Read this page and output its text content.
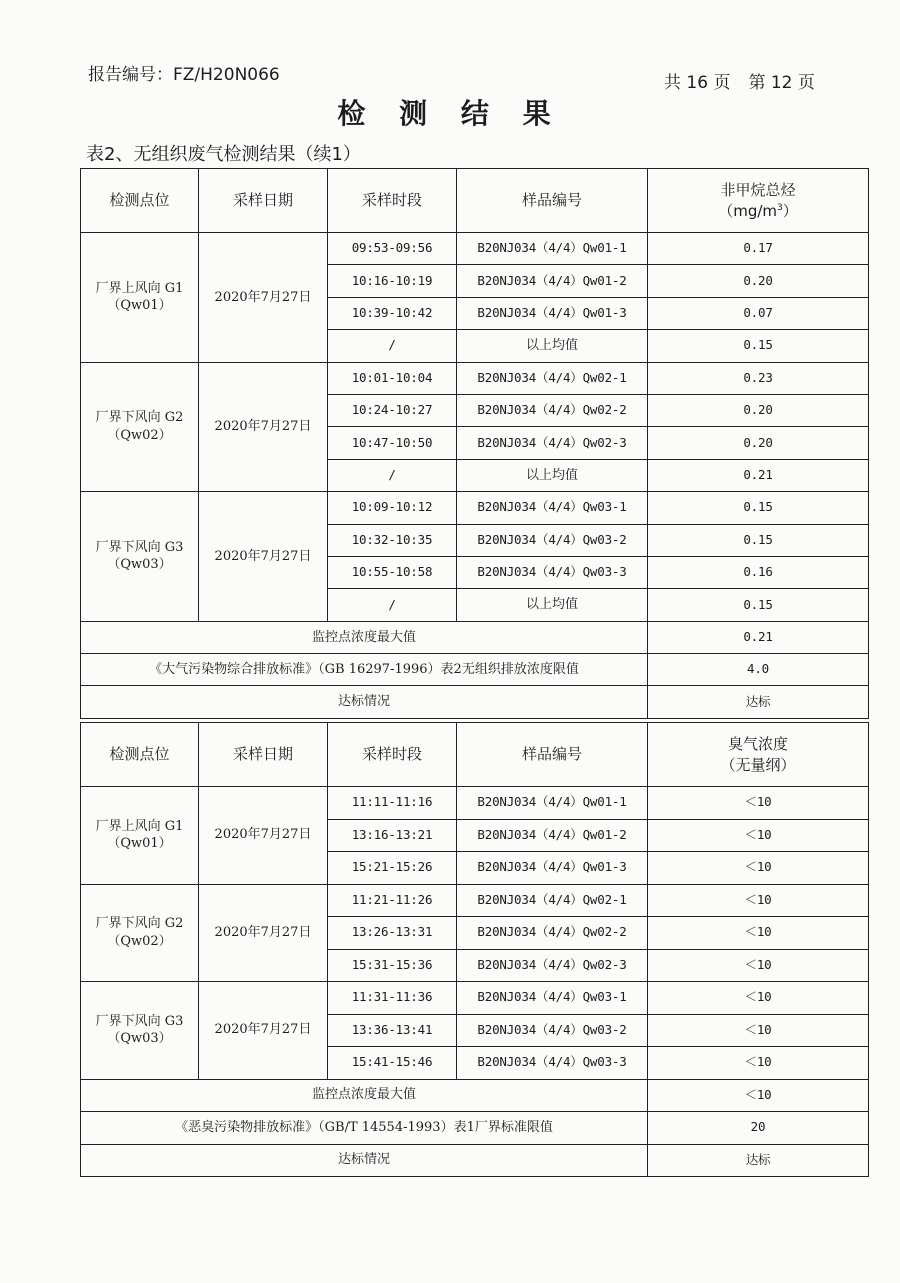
报告编号：FZ/H20N066	共 16 页 第 12 页
检 测 结 果
表2、无组织废气检测结果（续1）
检测点位	采样日期	采样时段	样品编号	非甲烷总烃
$(mg/m^3)$
厂界上风向 G1
（Qw01）	2020年7月27日	09:53-09:56	B20NJ034（4/4）Qw01-1	0.17
		10:16-10:19	B20NJ034（4/4）Qw01-2	0.20
		10:39-10:42	B20NJ034（4/4）Qw01-3	0.07
		/	以上均值	0.15
厂界下风向 G2
（Qw02）	2020年7月27日	10:01-10:04	B20NJ034（4/4）Qw02-1	0.23
		10:24-10:27	B20NJ034（4/4）Qw02-2	0.20
		10:47-10:50	B20NJ034（4/4）Qw02-3	0.20
		/	以上均值	0.21
厂界下风向 G3
（Qw03）	2020年7月27日	10:09-10:12	B20NJ034（4/4）Qw03-1	0.15
		10:32-10:35	B20NJ034（4/4）Qw03-2	0.15
		10:55-10:58	B20NJ034（4/4）Qw03-3	0.16
		/	以上均值	0.15
监控点浓度最大值				0.21
《大气污染物综合排放标准》（GB 16297-1996）表2无组织排放浓度限值				4.0
达标情况				达标
检测点位	采样日期	采样时段	样品编号	臭气浓度
（无量纲）
厂界上风向 G1
（Qw01）	2020年7月27日	11:11-11:16	B20NJ034（4/4）Qw01-1	＜10
		13:16-13:21	B20NJ034（4/4）Qw01-2	＜10
		15:21-15:26	B20NJ034（4/4）Qw01-3	＜10
厂界下风向 G2
（Qw02）	2020年7月27日	11:21-11:26	B20NJ034（4/4）Qw02-1	＜10
		13:26-13:31	B20NJ034（4/4）Qw02-2	＜10
		15:31-15:36	B20NJ034（4/4）Qw02-3	＜10
厂界下风向 G3
（Qw03）	2020年7月27日	11:31-11:36	B20NJ034（4/4）Qw03-1	＜10
		13:36-13:41	B20NJ034（4/4）Qw03-2	＜10
		15:41-15:46	B20NJ034（4/4）Qw03-3	＜10
监控点浓度最大值				＜10
《恶臭污染物排放标准》（GB/T 14554-1993）表1厂界标准限值				20
达标情况				达标
